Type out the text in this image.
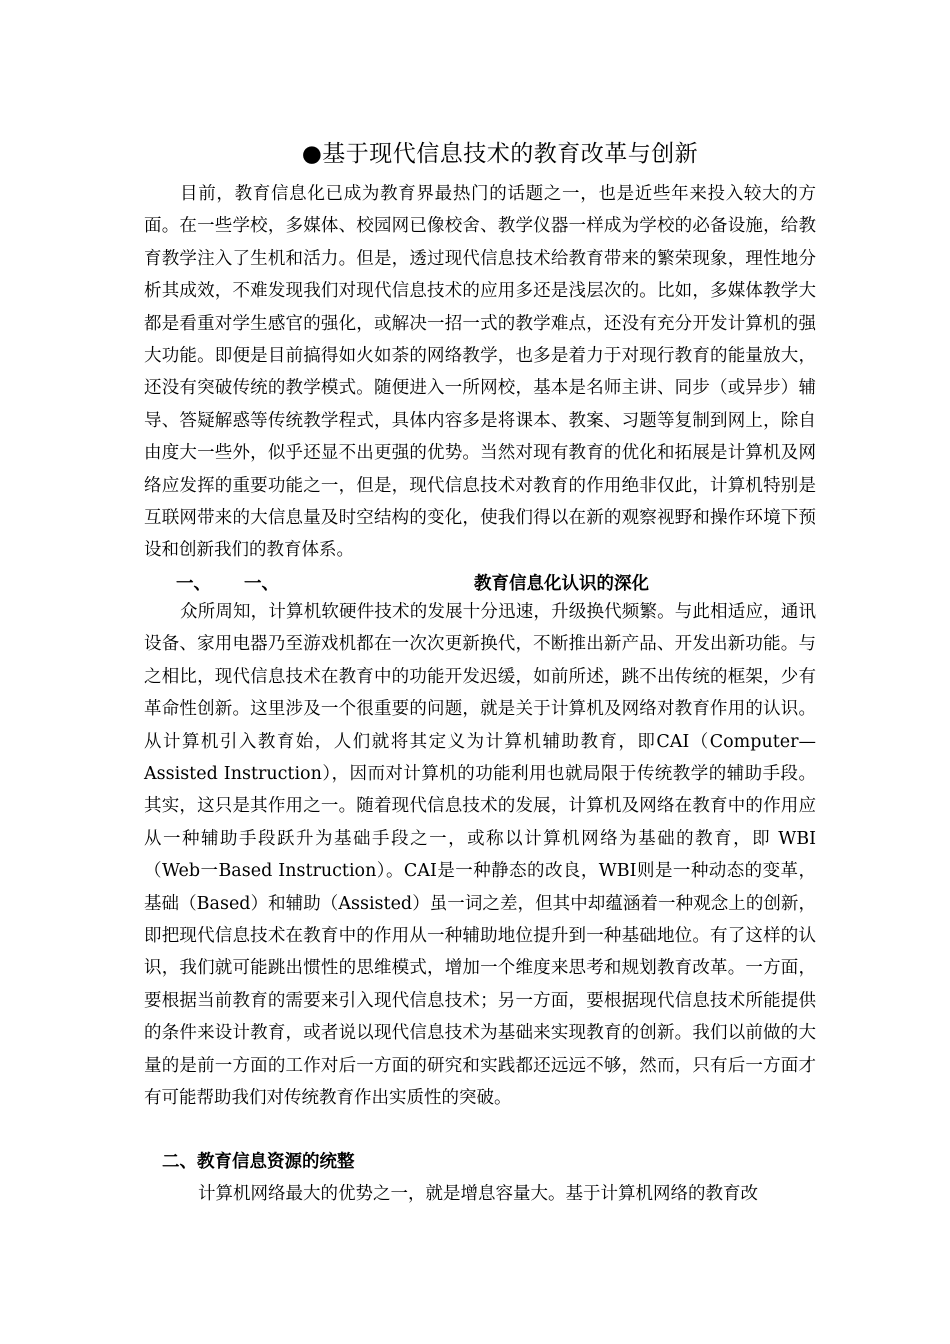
●基于现代信息技术的教育改革与创新

目前，教育信息化已成为教育界最热门的话题之一，也是近些年来投入较大的方面。在一些学校，多媒体、校园网已像校舍、教学仪器一样成为学校的必备设施，给教育教学注入了生机和活力。但是，透过现代信息技术给教育带来的繁荣现象，理性地分析其成效，不难发现我们对现代信息技术的应用多还是浅层次的。比如，多媒体教学大都是看重对学生感官的强化，或解决一招一式的教学难点，还没有充分开发计算机的强大功能。即便是目前搞得如火如荼的网络教学，也多是着力于对现行教育的能量放大，还没有突破传统的教学模式。随便进入一所网校，基本是名师主讲、同步（或异步）辅导、答疑解惑等传统教学程式，具体内容多是将课本、教案、习题等复制到网上，除自由度大一些外，似乎还显不出更强的优势。当然对现有教育的优化和拓展是计算机及网络应发挥的重要功能之一，但是，现代信息技术对教育的作用绝非仅此，计算机特别是互联网带来的大信息量及时空结构的变化，使我们得以在新的观察视野和操作环境下预设和创新我们的教育体系。

一、 一、	教育信息化认识的深化

众所周知，计算机软硬件技术的发展十分迅速，升级换代频繁。与此相适应，通讯设备、家用电器乃至游戏机都在一次次更新换代，不断推出新产品、开发出新功能。与之相比，现代信息技术在教育中的功能开发迟缓，如前所述，跳不出传统的框架，少有革命性创新。这里涉及一个很重要的问题，就是关于计算机及网络对教育作用的认识。从计算机引入教育始，人们就将其定义为计算机辅助教育，即CAI（Computer— Assisted Instruction），因而对计算机的功能利用也就局限于传统教学的辅助手段。其实，这只是其作用之一。随着现代信息技术的发展，计算机及网络在教育中的作用应从一种辅助手段跃升为基础手段之一，或称以计算机网络为基础的教育，即 WBI（Web一Based Instruction）。CAI是一种静态的改良，WBI则是一种动态的变革，基础（Based）和辅助（Assisted）虽一词之差，但其中却蕴涵着一种观念上的创新，即把现代信息技术在教育中的作用从一种辅助地位提升到一种基础地位。有了这样的认识，我们就可能跳出惯性的思维模式，增加一个维度来思考和规划教育改革。一方面，要根据当前教育的需要来引入现代信息技术；另一方面，要根据现代信息技术所能提供的条件来设计教育，或者说以现代信息技术为基础来实现教育的创新。我们以前做的大量的是前一方面的工作对后一方面的研究和实践都还远远不够，然而，只有后一方面才有可能帮助我们对传统教育作出实质性的突破。

二、教育信息资源的统整

计算机网络最大的优势之一，就是增息容量大。基于计算机网络的教育改
